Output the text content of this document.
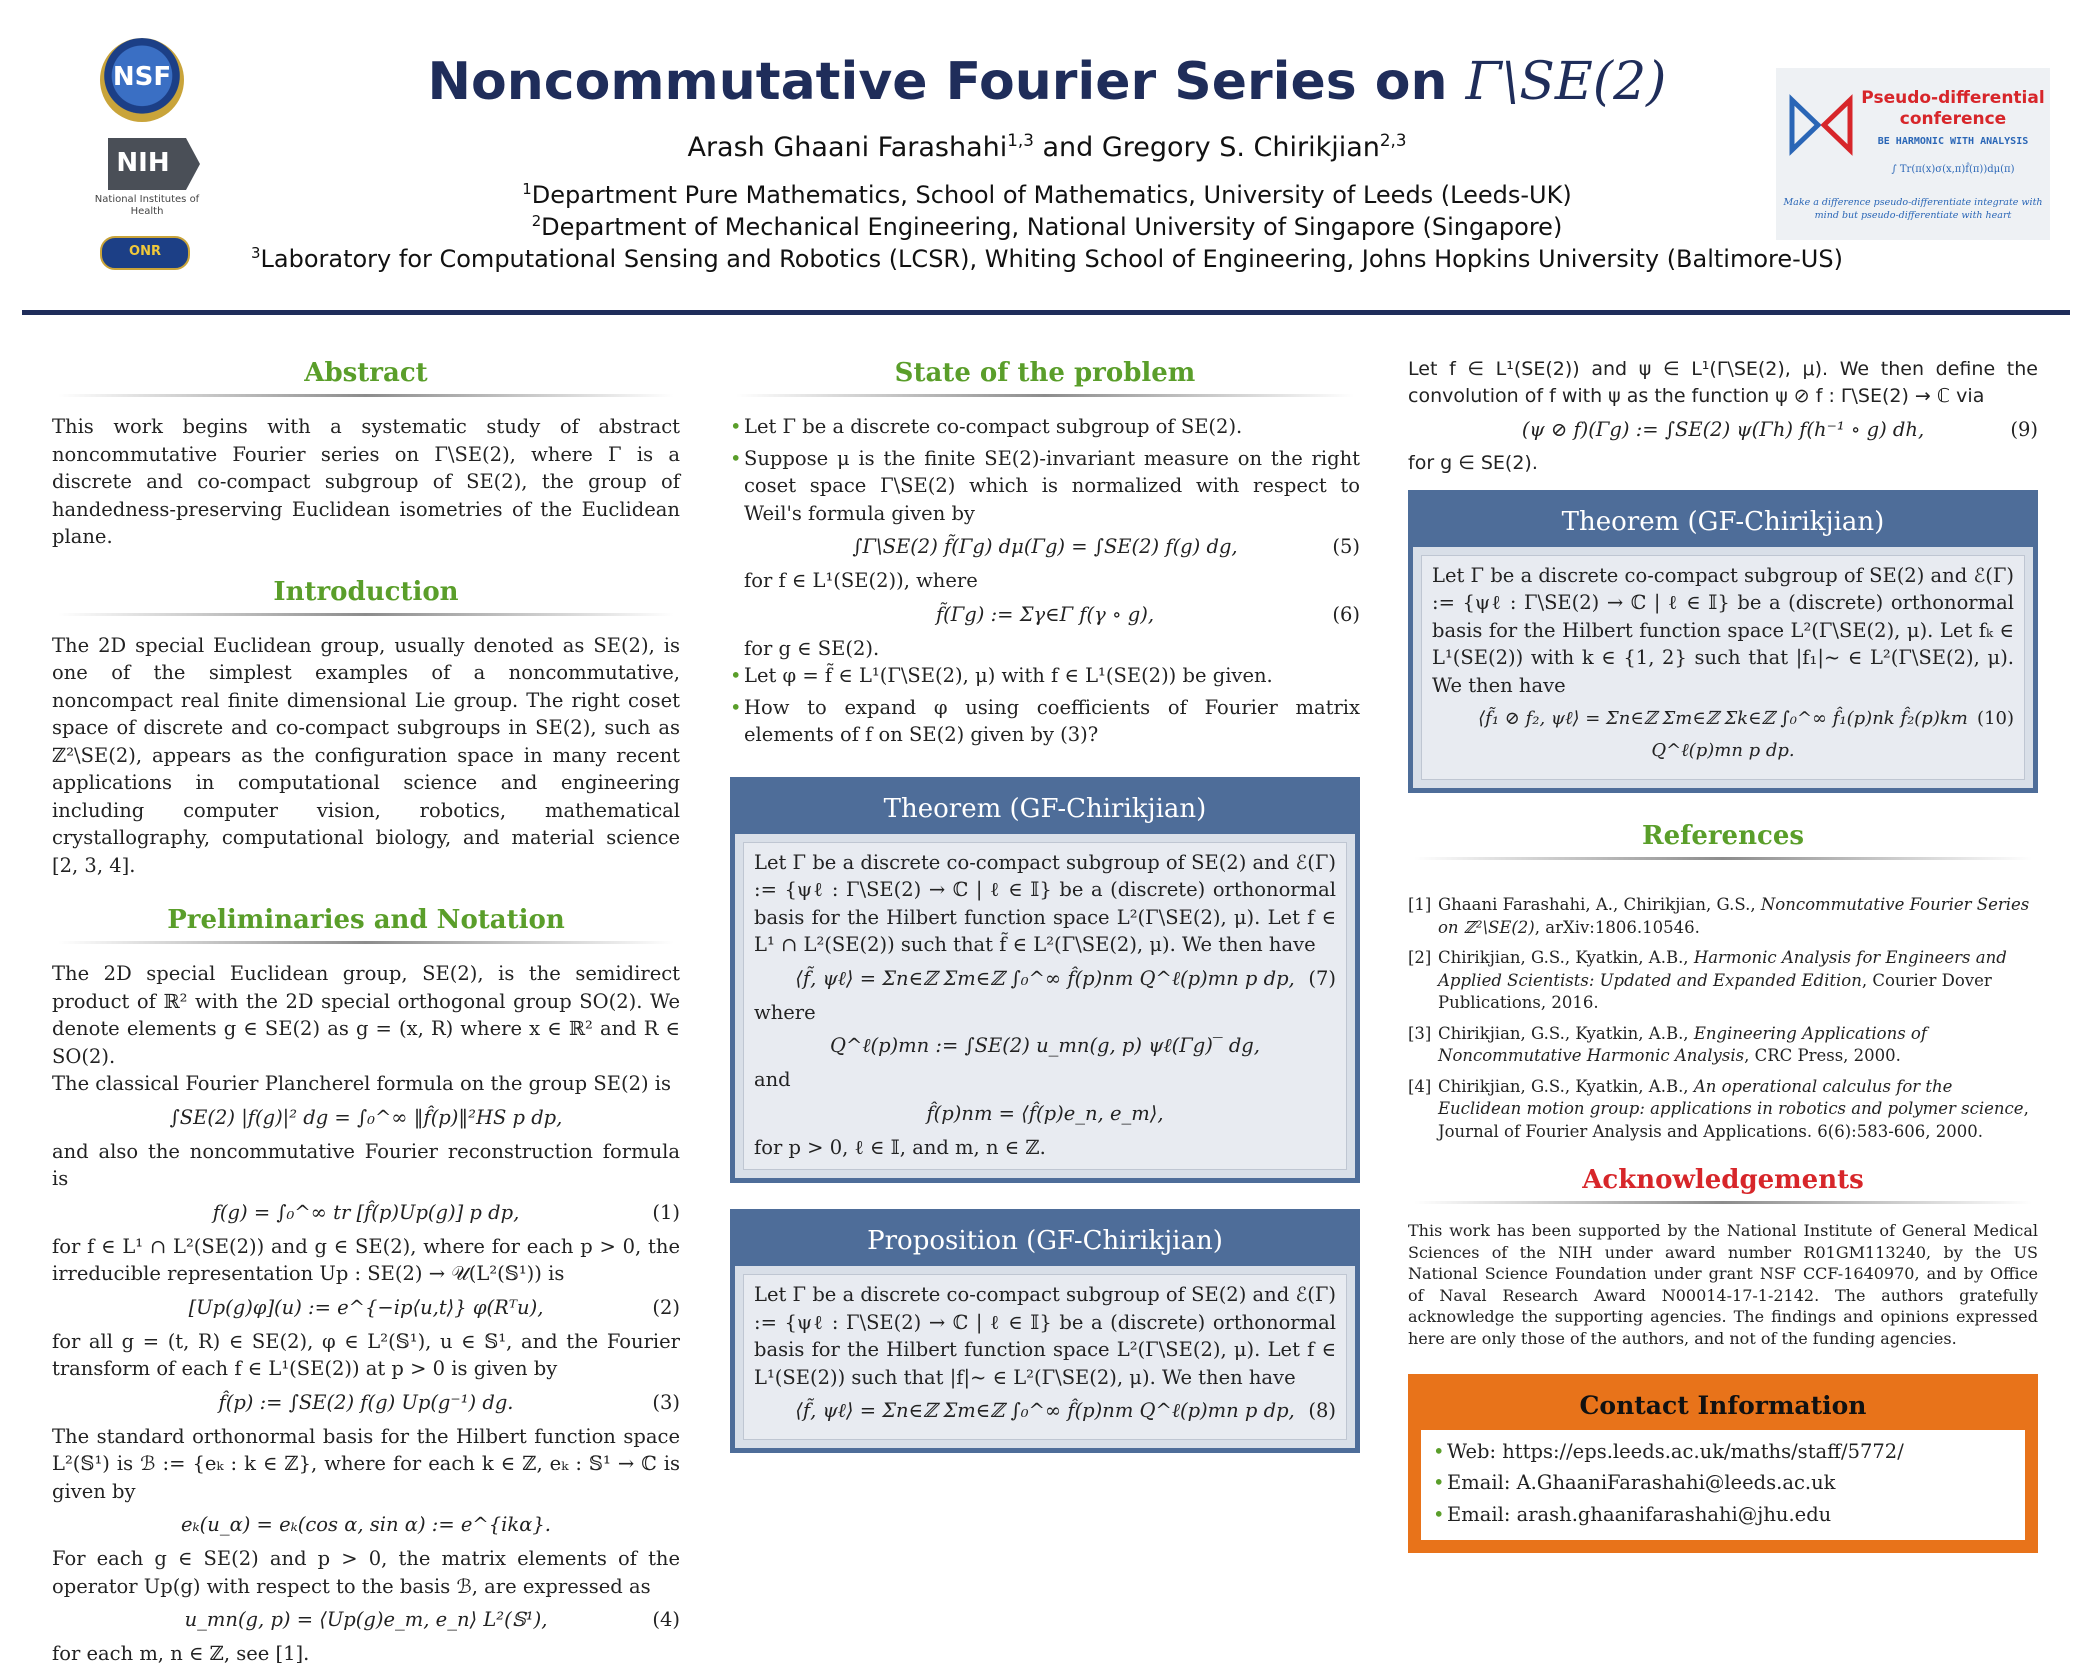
NSF
NIH
National Institutes of Health
ONR
Noncommutative Fourier Series on Γ\SE(2)
Arash Ghaani Farashahi$^{1,3}$ and Gregory S. Chirikjian$^{2,3}$
$^1$Department Pure Mathematics, School of Mathematics, University of Leeds (Leeds-UK)
$^2$Department of Mechanical Engineering, National University of Singapore (Singapore)
$^3$Laboratory for Computational Sensing and Robotics (LCSR), Whiting School of Engineering, Johns Hopkins University (Baltimore-US)
Pseudo-differential conference
BE HARMONIC WITH ANALYSIS
∫ Tr(π(x)σ(x,π)f̂(π))dμ(π)
Make a difference pseudo-differentiate integrate with mind but pseudo-differentiate with heart
Abstract

This work begins with a systematic study of abstract noncommutative Fourier series on Γ\SE(2), where Γ is a discrete and co-compact subgroup of SE(2), the group of handedness-preserving Euclidean isometries of the Euclidean plane.

Introduction

The 2D special Euclidean group, usually denoted as SE(2), is one of the simplest examples of a noncommutative, noncompact real finite dimensional Lie group. The right coset space of discrete and co-compact subgroups in SE(2), such as ℤ²\SE(2), appears as the configuration space in many recent applications in computational science and engineering including computer vision, robotics, mathematical crystallography, computational biology, and material science [2, 3, 4].

Preliminaries and Notation

The 2D special Euclidean group, SE(2), is the semidirect product of ℝ² with the 2D special orthogonal group SO(2). We denote elements g ∈ SE(2) as g = (x, R) where x ∈ ℝ² and R ∈ SO(2).

The classical Fourier Plancherel formula on the group SE(2) is

∫SE(2) |f(g)|² dg = ∫₀^∞ ‖f̂(p)‖²HS p dp,

and also the noncommutative Fourier reconstruction formula is

f(g) = ∫₀^∞ tr [f̂(p)Up(g)] p dp,	(1)

for f ∈ L¹ ∩ L²(SE(2)) and g ∈ SE(2), where for each p > 0, the irreducible representation Up : SE(2) → 𝒰(L²(𝕊¹)) is

[Up(g)φ](u) := e^{−ip⟨u,t⟩} φ(Rᵀu),	(2)

for all g = (t, R) ∈ SE(2), φ ∈ L²(𝕊¹), u ∈ 𝕊¹, and the Fourier transform of each f ∈ L¹(SE(2)) at p > 0 is given by

f̂(p) := ∫SE(2) f(g) Up(g⁻¹) dg.	(3)

The standard orthonormal basis for the Hilbert function space L²(𝕊¹) is ℬ := {eₖ : k ∈ ℤ}, where for each k ∈ ℤ, eₖ : 𝕊¹ → ℂ is given by

eₖ(u_α) = eₖ(cos α, sin α) := e^{ikα}.

For each g ∈ SE(2) and p > 0, the matrix elements of the operator Up(g) with respect to the basis ℬ, are expressed as

u_mn(g, p) = ⟨Up(g)e_m, e_n⟩ L²(𝕊¹),	(4)

for each m, n ∈ ℤ, see [1].

State of the problem
• Let Γ be a discrete co-compact subgroup of SE(2).
• Suppose μ is the finite SE(2)-invariant measure on the right coset space Γ\SE(2) which is normalized with respect to Weil's formula given by
∫Γ\SE(2) f̃(Γg) dμ(Γg) = ∫SE(2) f(g) dg,	(5)

for f ∈ L¹(SE(2)), where

f̃(Γg) := Σγ∈Γ f(γ ∘ g),	(6)

for g ∈ SE(2).

• Let φ = f̃ ∈ L¹(Γ\SE(2), μ) with f ∈ L¹(SE(2)) be given.
• How to expand φ using coefficients of Fourier matrix elements of f on SE(2) given by (3)?
Theorem (GF-Chirikjian)

Let Γ be a discrete co-compact subgroup of SE(2) and ℰ(Γ) := {ψℓ : Γ\SE(2) → ℂ | ℓ ∈ 𝕀} be a (discrete) orthonormal basis for the Hilbert function space L²(Γ\SE(2), μ). Let f ∈ L¹ ∩ L²(SE(2)) such that f̃ ∈ L²(Γ\SE(2), μ). We then have

⟨f̃, ψℓ⟩ = Σn∈ℤ Σm∈ℤ ∫₀^∞ f̂(p)nm Q^ℓ(p)mn p dp, (7)

where

Q^ℓ(p)mn := ∫SE(2) u_mn(g, p) ψℓ(Γg)‾ dg,

and

f̂(p)nm = ⟨f̂(p)e_n, e_m⟩,

for p > 0, ℓ ∈ 𝕀, and m, n ∈ ℤ.

Proposition (GF-Chirikjian)

Let Γ be a discrete co-compact subgroup of SE(2) and ℰ(Γ) := {ψℓ : Γ\SE(2) → ℂ | ℓ ∈ 𝕀} be a (discrete) orthonormal basis for the Hilbert function space L²(Γ\SE(2), μ). Let f ∈ L¹(SE(2)) such that |f|~ ∈ L²(Γ\SE(2), μ). We then have

⟨f̃, ψℓ⟩ = Σn∈ℤ Σm∈ℤ ∫₀^∞ f̂(p)nm Q^ℓ(p)mn p dp, (8)

Let f ∈ L¹(SE(2)) and ψ ∈ L¹(Γ\SE(2), μ). We then define the convolution of f with ψ as the function ψ ⊘ f : Γ\SE(2) → ℂ via

(ψ ⊘ f)(Γg) := ∫SE(2) ψ(Γh) f(h⁻¹ ∘ g) dh,	(9)

for g ∈ SE(2).

Theorem (GF-Chirikjian)

Let Γ be a discrete co-compact subgroup of SE(2) and ℰ(Γ) := {ψℓ : Γ\SE(2) → ℂ | ℓ ∈ 𝕀} be a (discrete) orthonormal basis for the Hilbert function space L²(Γ\SE(2), μ). Let fₖ ∈ L¹(SE(2)) with k ∈ {1, 2} such that |f₁|~ ∈ L²(Γ\SE(2), μ). We then have

⟨f̃₁ ⊘ f₂, ψℓ⟩ = Σn∈ℤ Σm∈ℤ Σk∈ℤ ∫₀^∞ f̂₁(p)nk f̂₂(p)km Q^ℓ(p)mn p dp.
(10)
References
[1] Ghaani Farashahi, A., Chirikjian, G.S., Noncommutative Fourier Series on ℤ²\SE(2), arXiv:1806.10546.
[2] Chirikjian, G.S., Kyatkin, A.B., Harmonic Analysis for Engineers and Applied Scientists: Updated and Expanded Edition, Courier Dover Publications, 2016.
[3] Chirikjian, G.S., Kyatkin, A.B., Engineering Applications of Noncommutative Harmonic Analysis, CRC Press, 2000.
[4] Chirikjian, G.S., Kyatkin, A.B., An operational calculus for the Euclidean motion group: applications in robotics and polymer science, Journal of Fourier Analysis and Applications. 6(6):583-606, 2000.
Acknowledgements

This work has been supported by the National Institute of General Medical Sciences of the NIH under award number R01GM113240, by the US National Science Foundation under grant NSF CCF-1640970, and by Office of Naval Research Award N00014-17-1-2142. The authors gratefully acknowledge the supporting agencies. The findings and opinions expressed here are only those of the authors, and not of the funding agencies.

Contact Information
• Web: https://eps.leeds.ac.uk/maths/staff/5772/
• Email: A.GhaaniFarashahi@leeds.ac.uk
• Email: arash.ghaanifarashahi@jhu.edu
